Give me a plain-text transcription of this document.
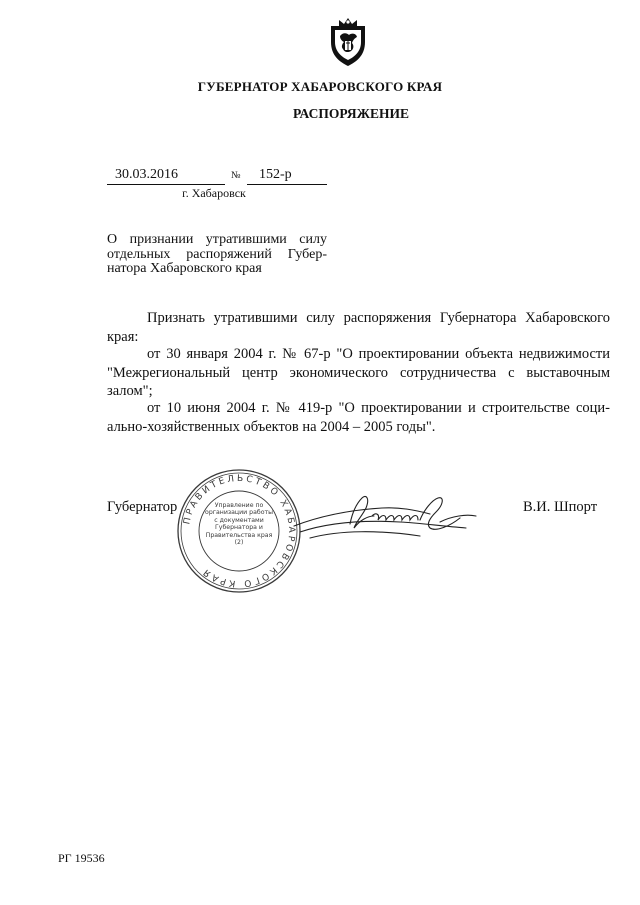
ГУБЕРНАТОР ХАБАРОВСКОГО КРАЯ
РАСПОРЯЖЕНИЕ
30.03.2016	№ 152-р
г. Хабаровск
О признании утратившими силу отдельных распоряжений Губер-натора Хабаровского края

Признать утратившими силу распоряжения Губернатора Хабаровского края:

от 30 января 2004 г. № 67-р "О проектировании объекта недвижимости "Межрегиональный центр экономического сотрудничества с выставочным залом";

от 10 июня 2004 г. № 419-р "О проектировании и строительстве соци-ально-хозяйственных объектов на 2004 – 2005 годы".

ПРАВИТЕЛЬСТВО ХАБАРОВСКОГО КРАЯ
Управление по организации работы с документами Губернатора и Правительства края (2)
Губернатор	В.И. Шпорт
РГ 19536
